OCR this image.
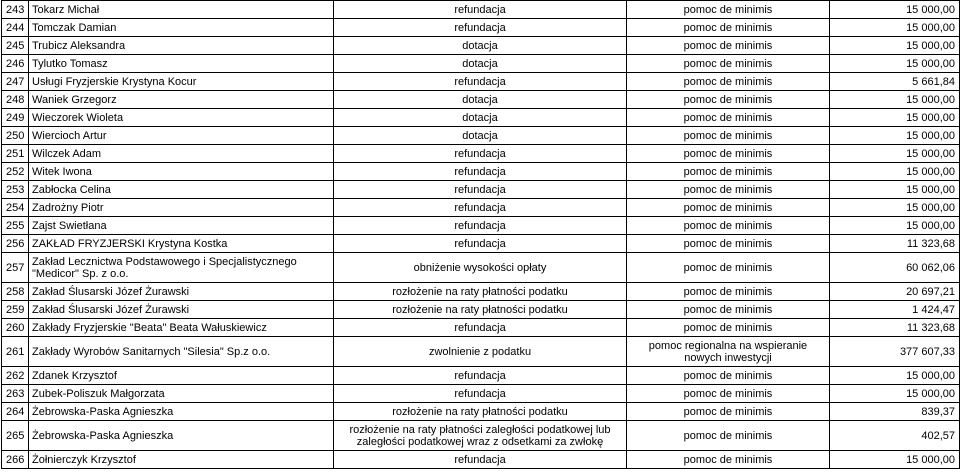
243	Tokarz Michał	refundacja	pomoc de minimis	15 000,00
244	Tomczak Damian	refundacja	pomoc de minimis	15 000,00
245	Trubicz Aleksandra	dotacja	pomoc de minimis	15 000,00
246	Tylutko Tomasz	dotacja	pomoc de minimis	15 000,00
247	Usługi Fryzjerskie Krystyna Kocur	refundacja	pomoc de minimis	5 661,84
248	Waniek Grzegorz	dotacja	pomoc de minimis	15 000,00
249	Wieczorek Wioleta	dotacja	pomoc de minimis	15 000,00
250	Wiercioch Artur	dotacja	pomoc de minimis	15 000,00
251	Wilczek Adam	refundacja	pomoc de minimis	15 000,00
252	Witek Iwona	refundacja	pomoc de minimis	15 000,00
253	Zabłocka Celina	refundacja	pomoc de minimis	15 000,00
254	Zadrożny Piotr	refundacja	pomoc de minimis	15 000,00
255	Zajst Swietłana	refundacja	pomoc de minimis	15 000,00
256	ZAKŁAD FRYZJERSKI Krystyna Kostka	refundacja	pomoc de minimis	11 323,68
257	Zakład Lecznictwa Podstawowego i Specjalistycznego "Medicor" Sp. z o.o.	obniżenie wysokości opłaty	pomoc de minimis	60 062,06
258	Zakład Ślusarski Józef Żurawski	rozłożenie na raty płatności podatku	pomoc de minimis	20 697,21
259	Zakład Ślusarski Józef Żurawski	rozłożenie na raty płatności podatku	pomoc de minimis	1 424,47
260	Zakłady Fryzjerskie "Beata" Beata Wałuskiewicz	refundacja	pomoc de minimis	11 323,68
261	Zakłady Wyrobów Sanitarnych "Silesia" Sp.z o.o.	zwolnienie z podatku	pomoc regionalna na wspieranie nowych inwestycji	377 607,33
262	Zdanek Krzysztof	refundacja	pomoc de minimis	15 000,00
263	Zubek-Poliszuk Małgorzata	refundacja	pomoc de minimis	15 000,00
264	Żebrowska-Paska Agnieszka	rozłożenie na raty płatności podatku	pomoc de minimis	839,37
265	Żebrowska-Paska Agnieszka	rozłożenie na raty płatności zaległości podatkowej lub zaległości podatkowej wraz z odsetkami za zwłokę	pomoc de minimis	402,57
266	Żołnierczyk Krzysztof	refundacja	pomoc de minimis	15 000,00
